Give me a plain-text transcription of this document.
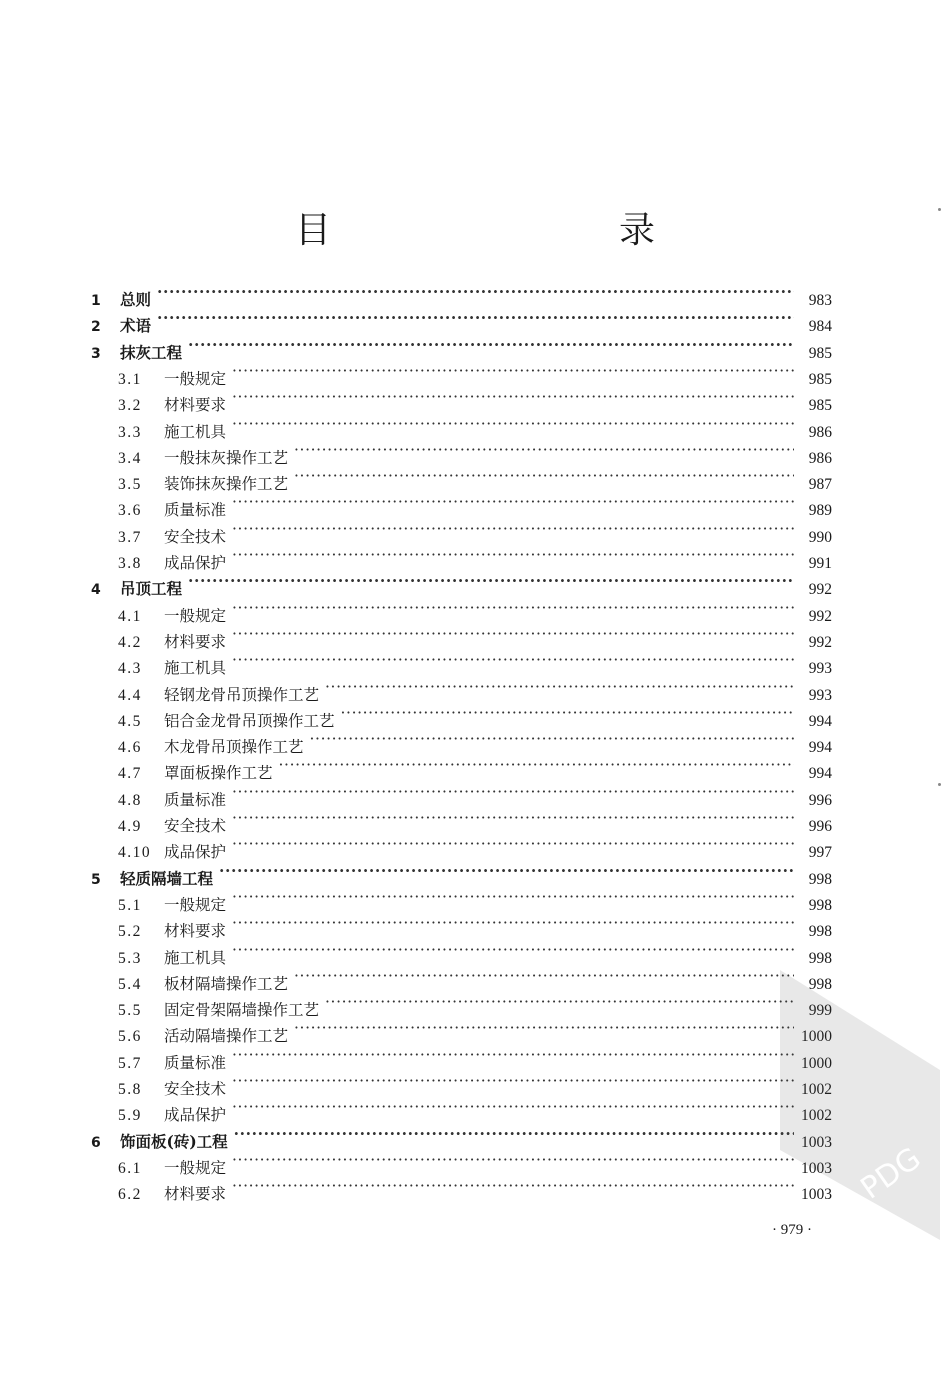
目　　录
1	总则 ·····	983
2	术语 ·····	984
3	抹灰工程 ·····	985
3.1	一般规定 ·····	985
3.2	材料要求 ·····	985
3.3	施工机具 ·····	986
3.4	一般抹灰操作工艺 ·····	986
3.5	装饰抹灰操作工艺 ·····	987
3.6	质量标准 ·····	989
3.7	安全技术 ·····	990
3.8	成品保护 ·····	991
4	吊顶工程 ·····	992
4.1	一般规定 ·····	992
4.2	材料要求 ·····	992
4.3	施工机具 ·····	993
4.4	轻钢龙骨吊顶操作工艺 ·····	993
4.5	铝合金龙骨吊顶操作工艺 ·····	994
4.6	木龙骨吊顶操作工艺 ·····	994
4.7	罩面板操作工艺 ·····	994
4.8	质量标准 ·····	996
4.9	安全技术 ·····	996
4.10 成品保护 ·····	997
5	轻质隔墙工程 ·····	998
5.1	一般规定 ·····	998
5.2	材料要求 ·····	998
5.3	施工机具 ·····	998
5.4	板材隔墙操作工艺 ·····	998
5.5	固定骨架隔墙操作工艺 ·····	999
5.6	活动隔墙操作工艺 ·····	1000
5.7	质量标准 ·····	1000
5.8	安全技术 ·····	1002
5.9	成品保护 ·····	1002
6	饰面板(砖)工程 ·····	1003
6.1	一般规定 ·····	1003
6.2	材料要求 ·····	1003
· 979 ·
PDG
